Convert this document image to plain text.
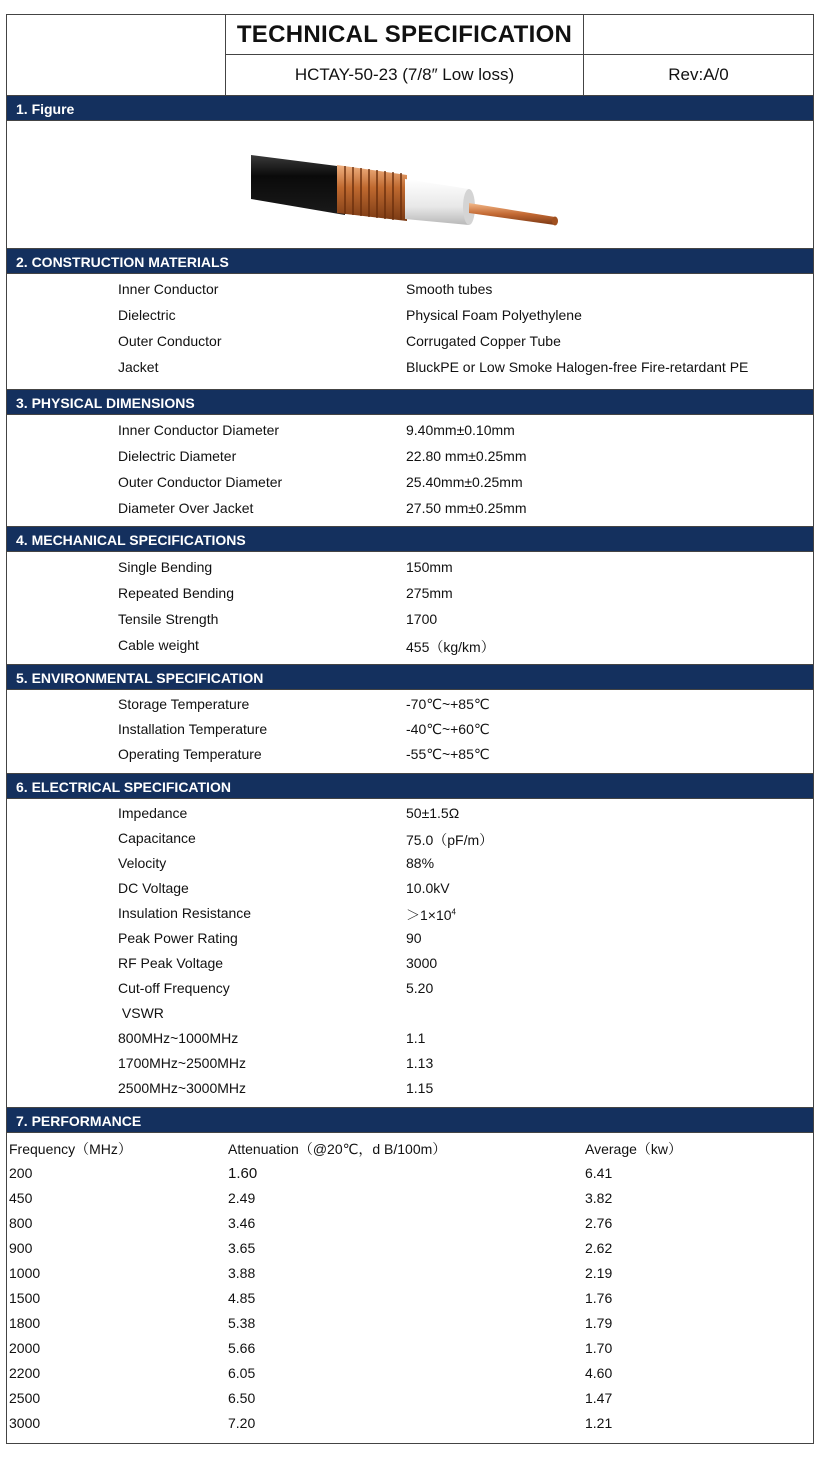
TECHNICAL SPECIFICATION
HCTAY-50-23 (7/8″ Low loss)	Rev:A/0
1. Figure
2. CONSTRUCTION MATERIALS
Inner Conductor	Smooth tubes
Dielectric	Physical Foam Polyethylene
Outer Conductor	Corrugated Copper Tube
Jacket	BluckPE or Low Smoke Halogen-free Fire-retardant PE
3. PHYSICAL DIMENSIONS
Inner Conductor Diameter	9.40mm±0.10mm
Dielectric Diameter	22.80 mm±0.25mm
Outer Conductor Diameter	25.40mm±0.25mm
Diameter Over Jacket	27.50 mm±0.25mm
4. MECHANICAL SPECIFICATIONS
Single Bending	150mm
Repeated Bending	275mm
Tensile Strength	1700
Cable weight	455（kg/km）
5. ENVIRONMENTAL SPECIFICATION
Storage Temperature	-70℃~+85℃
Installation Temperature	-40℃~+60℃
Operating Temperature	-55℃~+85℃
6. ELECTRICAL SPECIFICATION
Impedance	50±1.5Ω
Capacitance	75.0（pF/m）
Velocity	88%
DC Voltage	10.0kV
Insulation Resistance	$>1\times 10^4$
Peak Power Rating	90
RF Peak Voltage	3000
Cut-off Frequency	5.20
VSWR
800MHz~1000MHz	1.1
1700MHz~2500MHz	1.13
2500MHz~3000MHz	1.15
7. PERFORMANCE
Frequency（MHz）	Attenuation（@20℃，d B/100m）	Average（kw）
200	1.60	6.41
450	2.49	3.82
800	3.46	2.76
900	3.65	2.62
1000	3.88	2.19
1500	4.85	1.76
1800	5.38	1.79
2000	5.66	1.70
2200	6.05	4.60
2500	6.50	1.47
3000	7.20	1.21
